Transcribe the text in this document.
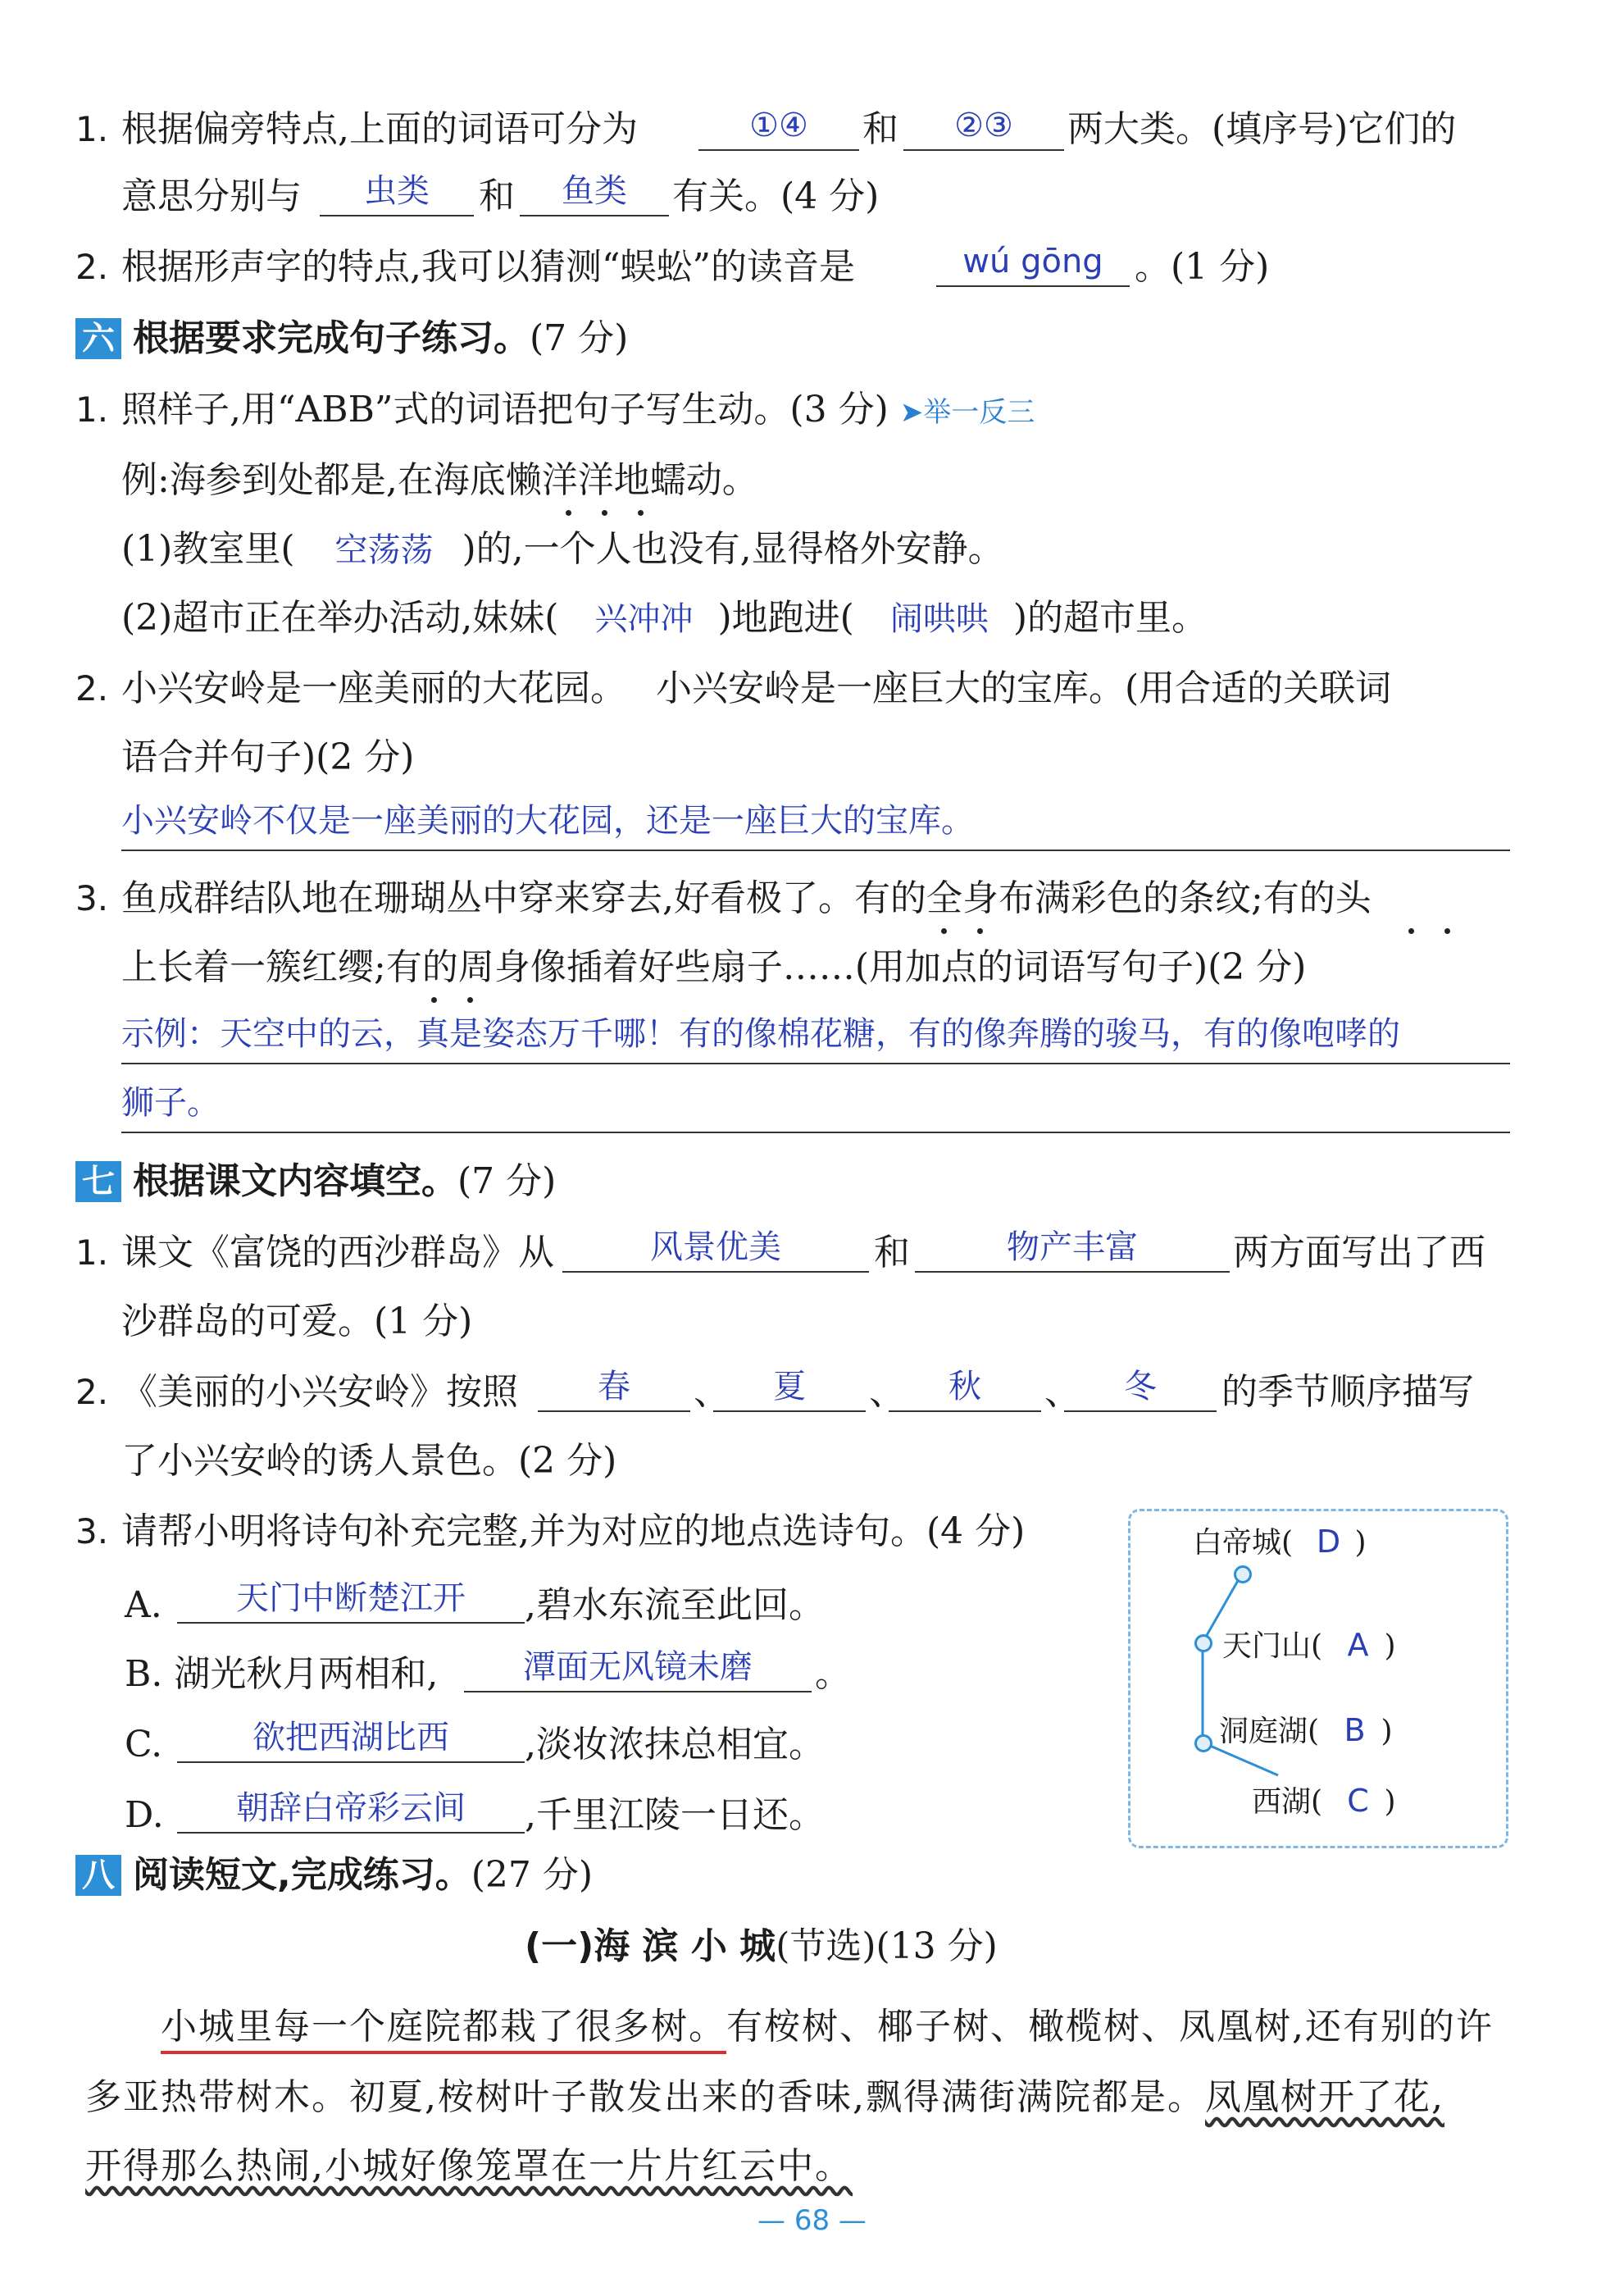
1. 根据偏旁特点,上面的词语可分为	①④	和	②③	两大类。(填序号)它们的
意思分别与	虫类	和	鱼类	有关。(4 分)
2. 根据形声字的特点,我可以猜测“蜈蚣”的读音是	wú gōng 。(1 分)
六 根据要求完成句子练习。(7 分)
1. 照样子,用“ABB”式的词语把句子写生动。(3 分) ➤举一反三
例:海参到处都是,在海底懒洋洋地蠕动。
(1)教室里( 空荡荡 )的,一个人也没有,显得格外安静。
(2)超市正在举办活动,妹妹( 兴冲冲 )地跑进( 闹哄哄 )的超市里。
2. 小兴安岭是一座美丽的大花园。　 小兴安岭是一座巨大的宝库。(用合适的关联词
语合并句子)(2 分)
小兴安岭不仅是一座美丽的大花园，还是一座巨大的宝库。
3. 鱼成群结队地在珊瑚丛中穿来穿去,好看极了。有的全身布满彩色的条纹;有的头
上长着一簇红缨;有的周身像插着好些扇子……(用加点的词语写句子)(2 分)
示例：天空中的云，真是姿态万千哪！有的像棉花糖，有的像奔腾的骏马，有的像咆哮的
狮子。
七 根据课文内容填空。(7 分)
1. 课文《富饶的西沙群岛》从	风景优美	和	物产丰富	两方面写出了西
沙群岛的可爱。(1 分)
2. 《美丽的小兴安岭》按照	春	、	夏	、	秋	、	冬	的季节顺序描写
了小兴安岭的诱人景色。(2 分)
3. 请帮小明将诗句补充完整,并为对应的地点选诗句。(4 分)
A.	天门中断楚江开	,碧水东流至此回。
B. 湖光秋月两相和,	潭面无风镜未磨	。
C.	欲把西湖比西	,淡妆浓抹总相宜。
D.	朝辞白帝彩云间	,千里江陵一日还。
白帝城( D )
天门山( A )
洞庭湖( B )
西湖( C )
八 阅读短文,完成练习。(27 分)
(一)海 滨 小 城(节选)(13 分)
小城里每一个庭院都栽了很多树。有桉树、椰子树、橄榄树、凤凰树,还有别的许
多亚热带树木。初夏,桉树叶子散发出来的香味,飘得满街满院都是。凤凰树开了花,
开得那么热闹,小城好像笼罩在一片片红云中。
— 68 —
